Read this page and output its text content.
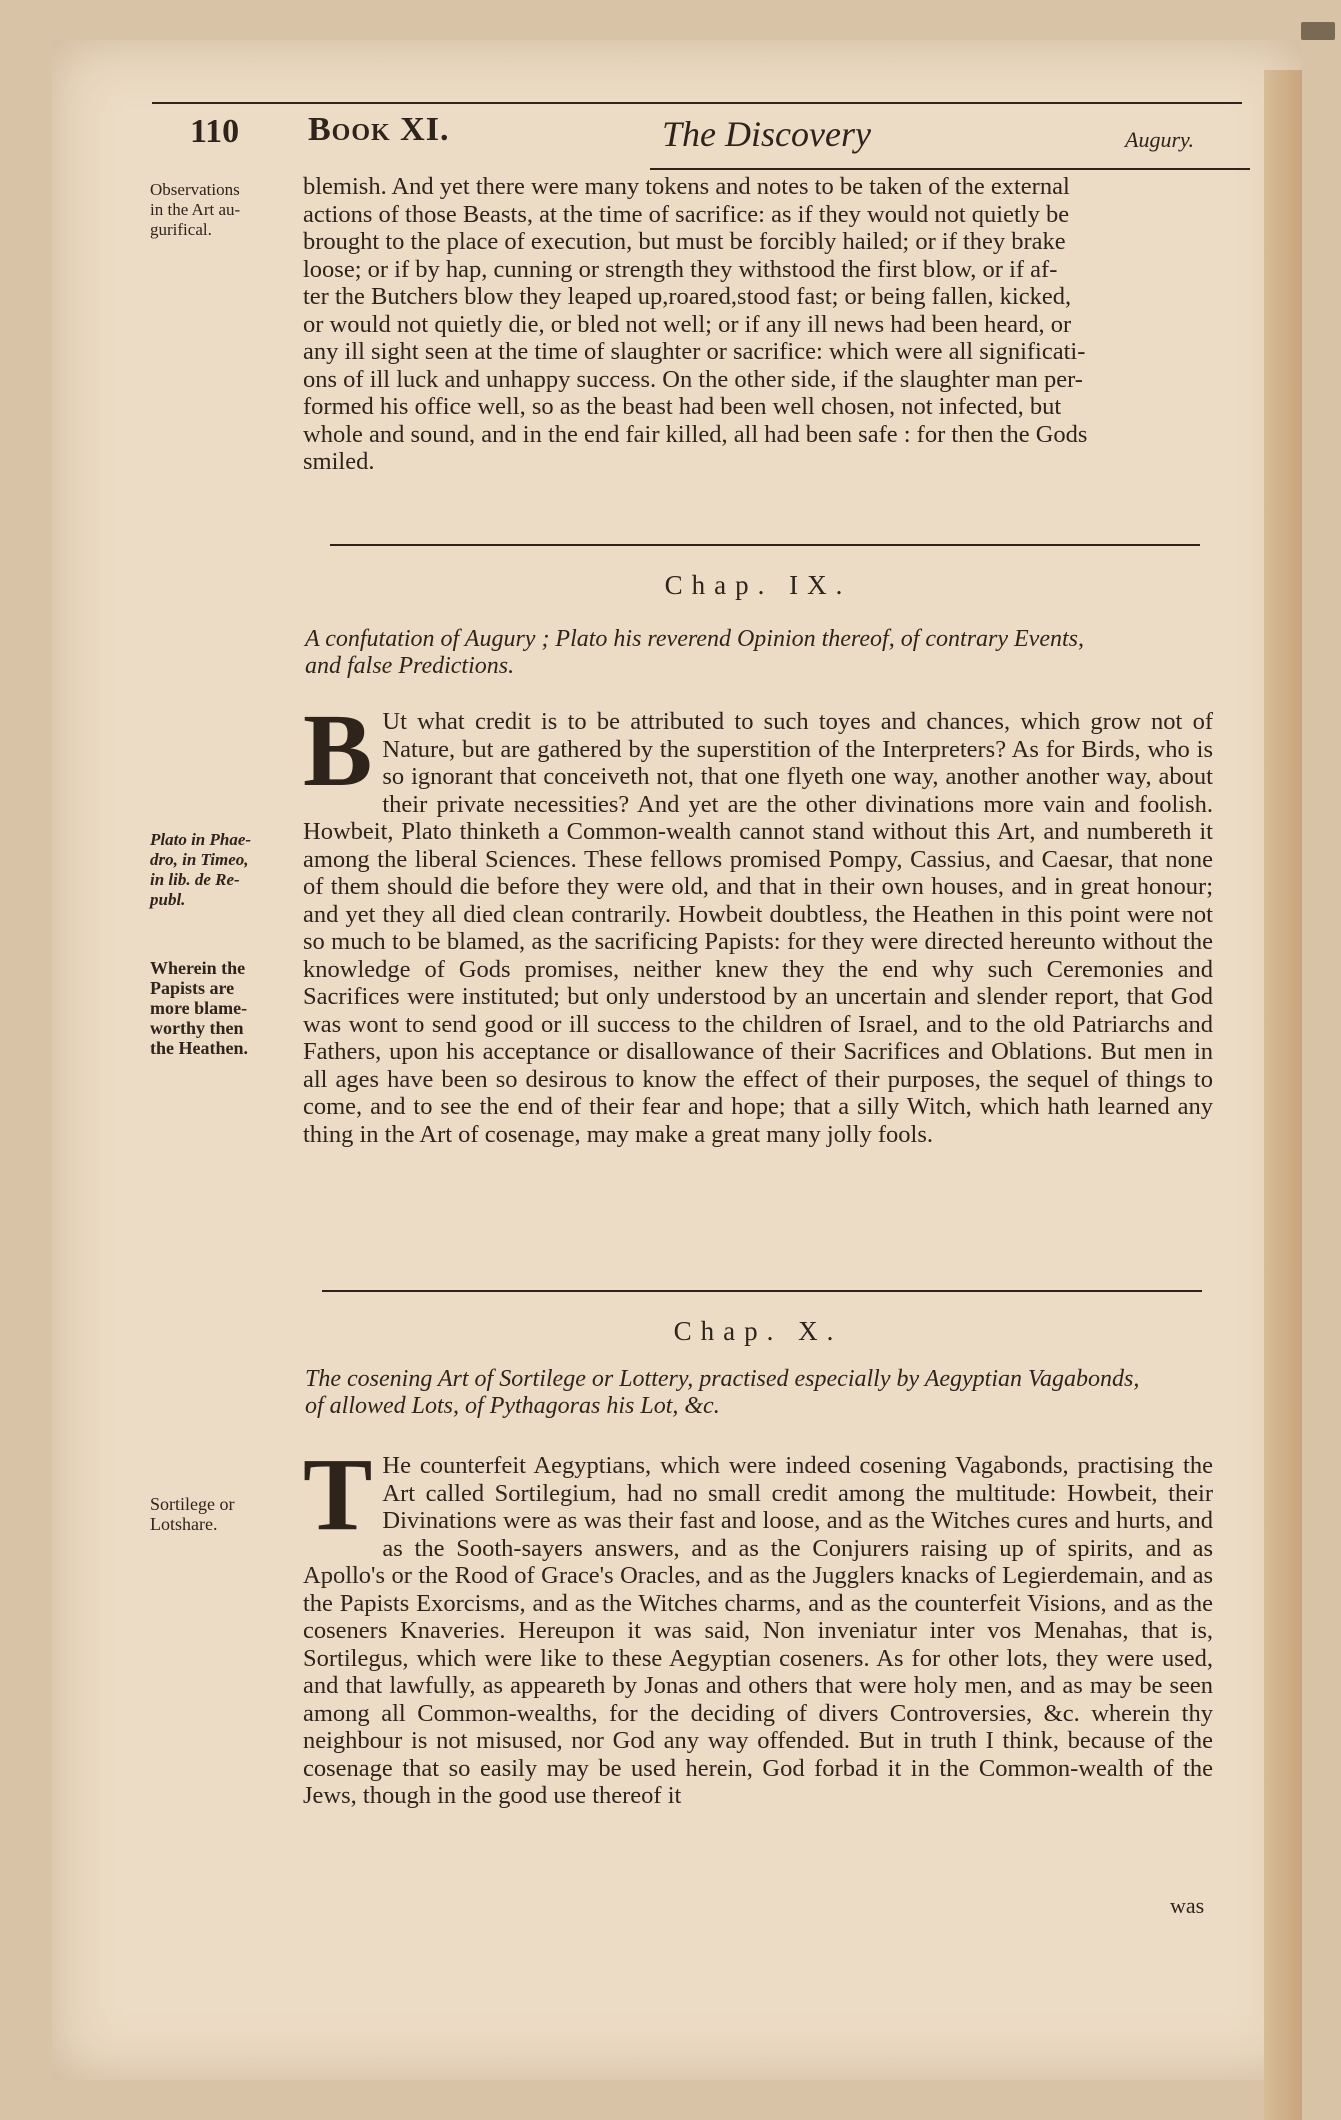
110 Book XI.	The Discovery	Augury.
Observations
in the Art au-
gurifical.
blemish. And yet there were many tokens and notes to be taken of the external
actions of those Beasts, at the time of sacrifice: as if they would not quietly be
brought to the place of execution, but must be forcibly hailed; or if they brake
loose; or if by hap, cunning or strength they withstood the first blow, or if af-
ter the Butchers blow they leaped up,roared,stood fast; or being fallen, kicked,
or would not quietly die, or bled not well; or if any ill news had been heard, or
any ill sight seen at the time of slaughter or sacrifice: which were all significati-
ons of ill luck and unhappy success. On the other side, if the slaughter man per-
formed his office well, so as the beast had been well chosen, not infected, but
whole and sound, and in the end fair killed, all had been safe : for then the Gods
smiled.
Chap. IX.
A confutation of Augury ; Plato his reverend Opinion thereof, of contrary Events,
and false Predictions.
Plato in Phae-
dro, in Timeo,
in lib. de Re-
publ.
Wherein the
Papists are
more blame-
worthy then
the Heathen.
B Ut what credit is to be attributed to such toyes and chances, which grow not of Nature, but are gathered by the superstition of the Interpreters? As for Birds, who is so ignorant that conceiveth not, that one flyeth one way, another another way, about their private necessities? And yet are the other divinations more vain and foolish. Howbeit, Plato thinketh a Common-wealth cannot stand without this Art, and numbereth it among the liberal Sciences. These fellows promised Pompy, Cassius, and Caesar, that none of them should die before they were old, and that in their own houses, and in great honour; and yet they all died clean contrarily. Howbeit doubtless, the Heathen in this point were not so much to be blamed, as the sacrificing Papists: for they were directed hereunto without the knowledge of Gods promises, neither knew they the end why such Ceremonies and Sacrifices were instituted; but only understood by an uncertain and slender report, that God was wont to send good or ill success to the children of Israel, and to the old Patriarchs and Fathers, upon his acceptance or disallowance of their Sacrifices and Oblations. But men in all ages have been so desirous to know the effect of their purposes, the sequel of things to come, and to see the end of their fear and hope; that a silly Witch, which hath learned any thing in the Art of cosenage, may make a great many jolly fools.
Chap. X.
The cosening Art of Sortilege or Lottery, practised especially by Aegyptian Vagabonds,
of allowed Lots, of Pythagoras his Lot, &c.
Sortilege or
Lotshare. T He counterfeit Aegyptians, which were indeed cosening Vagabonds, practising the Art called Sortilegium, had no small credit among the multitude: Howbeit, their Divinations were as was their fast and loose, and as the Witches cures and hurts, and as the Sooth-sayers answers, and as the Conjurers raising up of spirits, and as Apollo's or the Rood of Grace's Oracles, and as the Jugglers knacks of Legierdemain, and as the Papists Exorcisms, and as the Witches charms, and as the counterfeit Visions, and as the coseners Knaveries. Hereupon it was said, Non inveniatur inter vos Menahas, that is, Sortilegus, which were like to these Aegyptian coseners. As for other lots, they were used, and that lawfully, as appeareth by Jonas and others that were holy men, and as may be seen among all Common-wealths, for the deciding of divers Controversies, &c. wherein thy neighbour is not misused, nor God any way offended. But in truth I think, because of the cosenage that so easily may be used herein, God forbad it in the Common-wealth of the Jews, though in the good use thereof it
was
